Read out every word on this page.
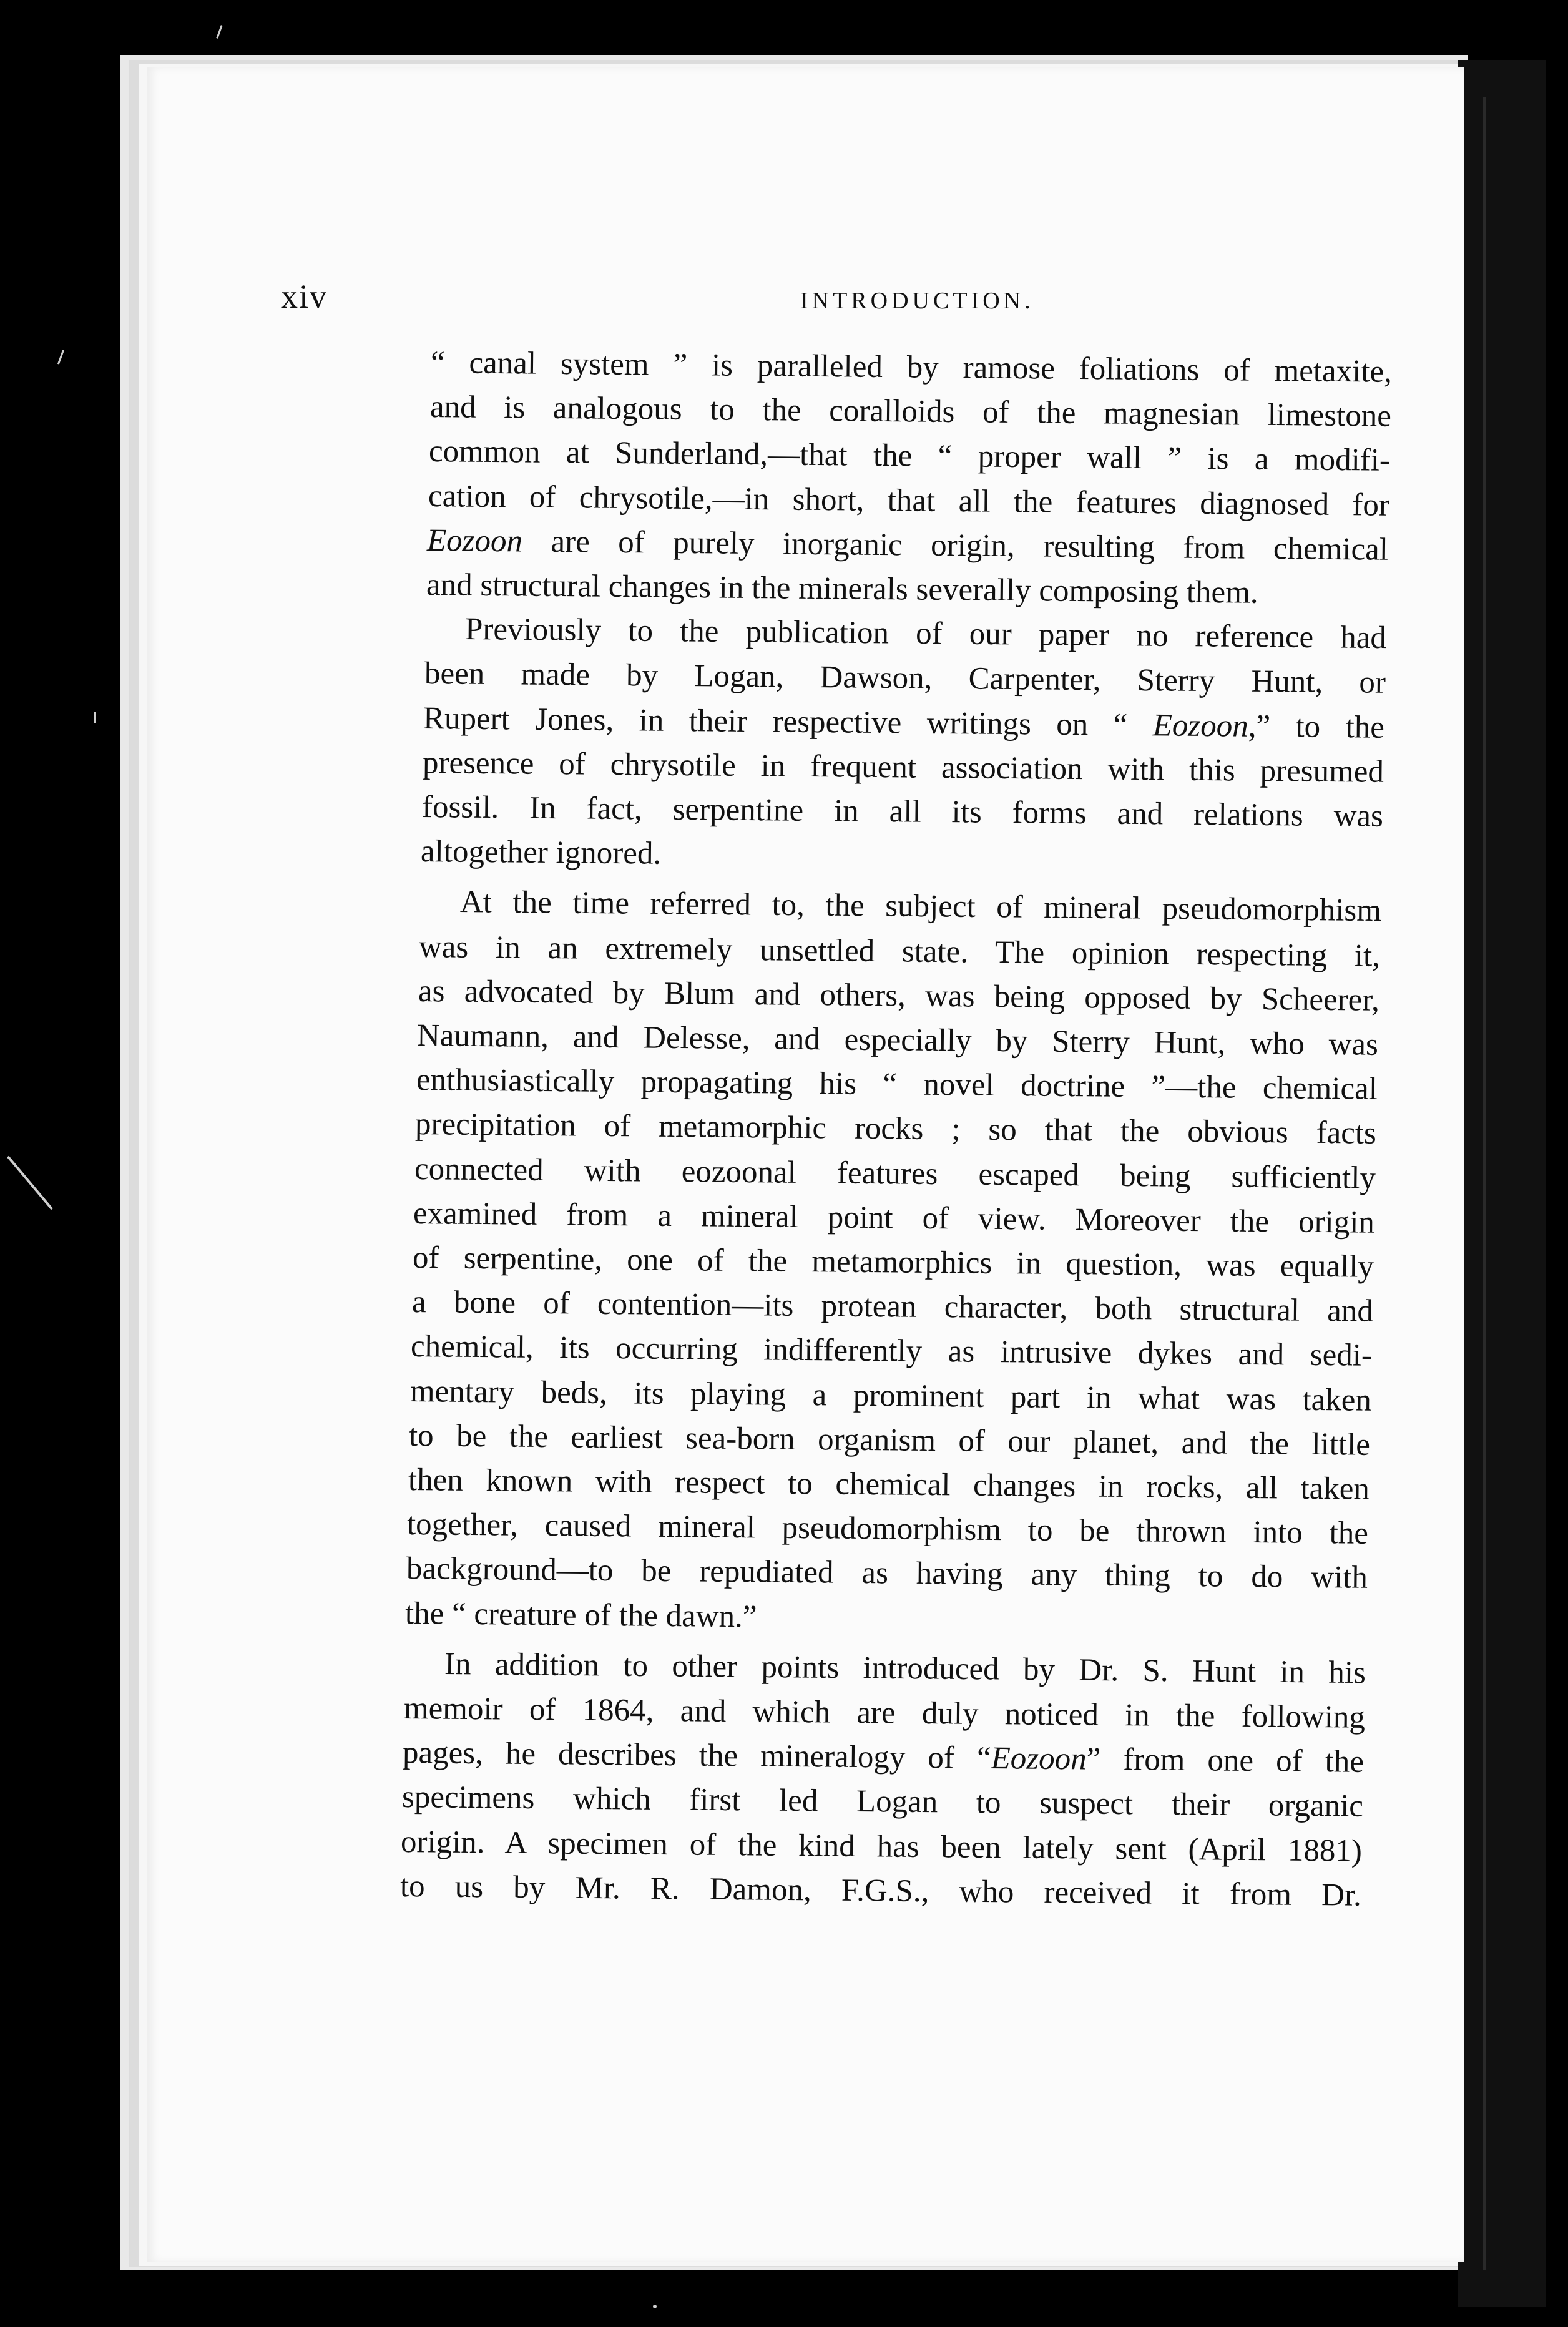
xiv	INTRODUCTION.
“ canal system ” is paralleled by ramose foliations of metaxite,
and is analogous to the coralloids of the magnesian limestone
common at Sunderland,—that the “ proper wall ” is a modifi-
cation of chrysotile,—in short, that all the features diagnosed for
Eozoon are of purely inorganic origin, resulting from chemical
and structural changes in the minerals severally composing them.
Previously to the publication of our paper no reference had
been made by Logan, Dawson, Carpenter, Sterry Hunt, or
Rupert Jones, in their respective writings on “ Eozoon,” to the
presence of chrysotile in frequent association with this presumed
fossil. In fact, serpentine in all its forms and relations was
altogether ignored.
At the time referred to, the subject of mineral pseudomorphism
was in an extremely unsettled state. The opinion respecting it,
as advocated by Blum and others, was being opposed by Scheerer,
Naumann, and Delesse, and especially by Sterry Hunt, who was
enthusiastically propagating his “ novel doctrine ”—the chemical
precipitation of metamorphic rocks ; so that the obvious facts
connected with eozoonal features escaped being sufficiently
examined from a mineral point of view. Moreover the origin
of serpentine, one of the metamorphics in question, was equally
a bone of contention—its protean character, both structural and
chemical, its occurring indifferently as intrusive dykes and sedi-
mentary beds, its playing a prominent part in what was taken
to be the earliest sea-born organism of our planet, and the little
then known with respect to chemical changes in rocks, all taken
together, caused mineral pseudomorphism to be thrown into the
background—to be repudiated as having any thing to do with
the “ creature of the dawn.”
In addition to other points introduced by Dr. S. Hunt in his
memoir of 1864, and which are duly noticed in the following
pages, he describes the mineralogy of “Eozoon” from one of the
specimens which first led Logan to suspect their organic
origin. A specimen of the kind has been lately sent (April 1881)
to us by Mr. R. Damon, F.G.S., who received it from Dr.
